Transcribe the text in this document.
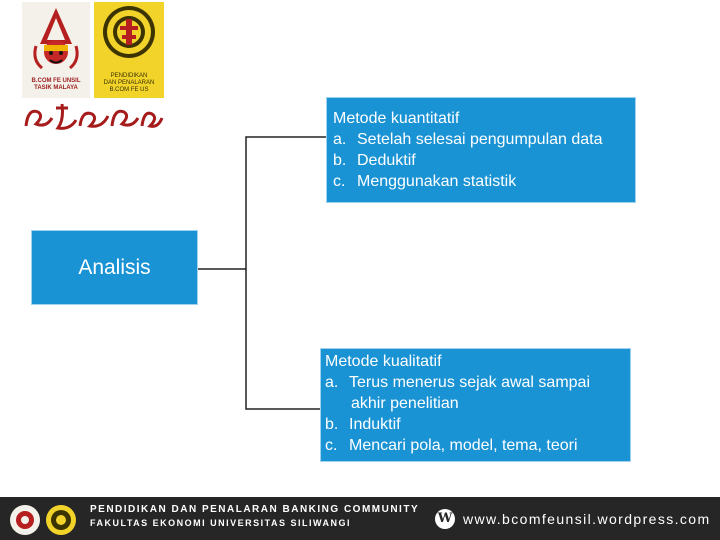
B.COM FE UNSIL
TASIK MALAYA
PENDIDIKAN
DAN PENALARAN
B.COM FE US
Metode kuantitatif
a. Setelah selesai pengumpulan data
b. Deduktif
c. Menggunakan statistik
Analisis
Metode kualitatif
a. Terus menerus sejak awal sampai
akhir penelitian
b. Induktif
c. Mencari pola, model, tema, teori
PENDIDIKAN DAN PENALARAN BANKING COMMUNITY
FAKULTAS EKONOMI UNIVERSITAS SILIWANGI	W www.bcomfeunsil.wordpress.com
